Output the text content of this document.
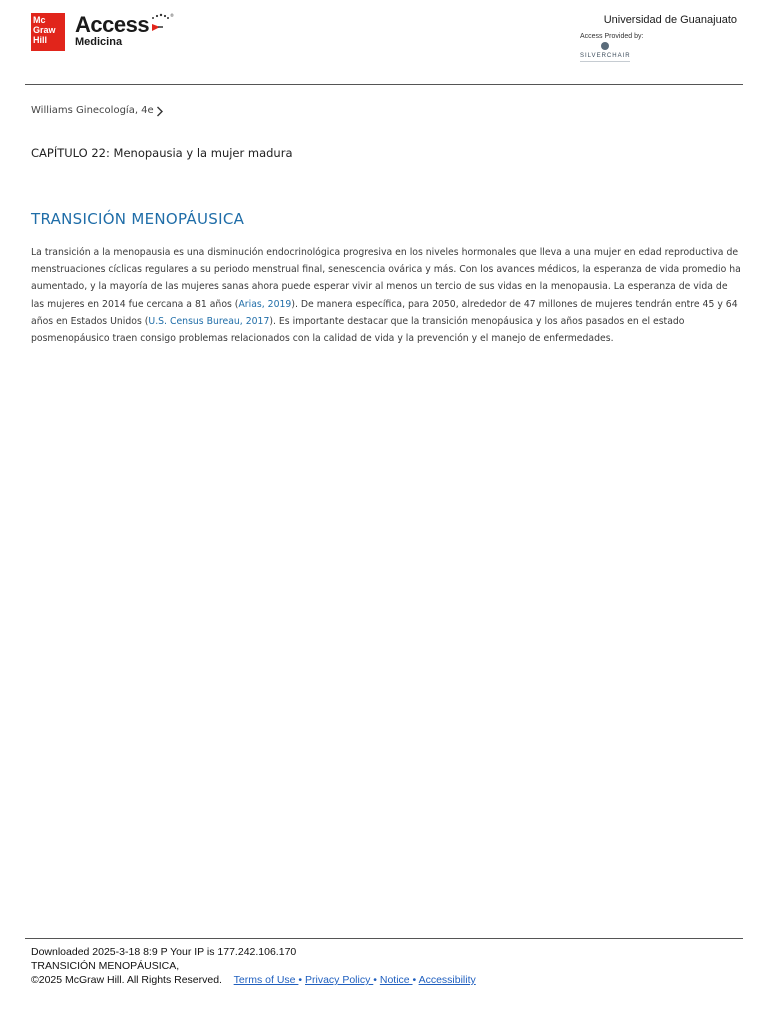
Mc
Graw
Hill
Access
Medicina
®	Universidad de Guanajuato
Access Provided by:
SILVERCHAIR
Williams Ginecología, 4e
CAPÍTULO 22: Menopausia y la mujer madura
TRANSICIÓN MENOPÁUSICA

La transición a la menopausia es una disminución endocrinológica progresiva en los niveles hormonales que lleva a una mujer en edad reproductiva de menstruaciones cíclicas regulares a su periodo menstrual final, senescencia ovárica y más. Con los avances médicos, la esperanza de vida promedio ha aumentado, y la mayoría de las mujeres sanas ahora puede esperar vivir al menos un tercio de sus vidas en la menopausia. La esperanza de vida de las mujeres en 2014 fue cercana a 81 años (Arias, 2019). De manera específica, para 2050, alrededor de 47 millones de mujeres tendrán entre 45 y 64 años en Estados Unidos (U.S. Census Bureau, 2017). Es importante destacar que la transición menopáusica y los años pasados en el estado posmenopáusico traen consigo problemas relacionados con la calidad de vida y la prevención y el manejo de enfermedades.

Downloaded 2025-3-18 8:9 P Your IP is 177.242.106.170
TRANSICIÓN MENOPÁUSICA,
©2025 McGraw Hill. All Rights Reserved. Terms of Use • Privacy Policy • Notice • Accessibility
